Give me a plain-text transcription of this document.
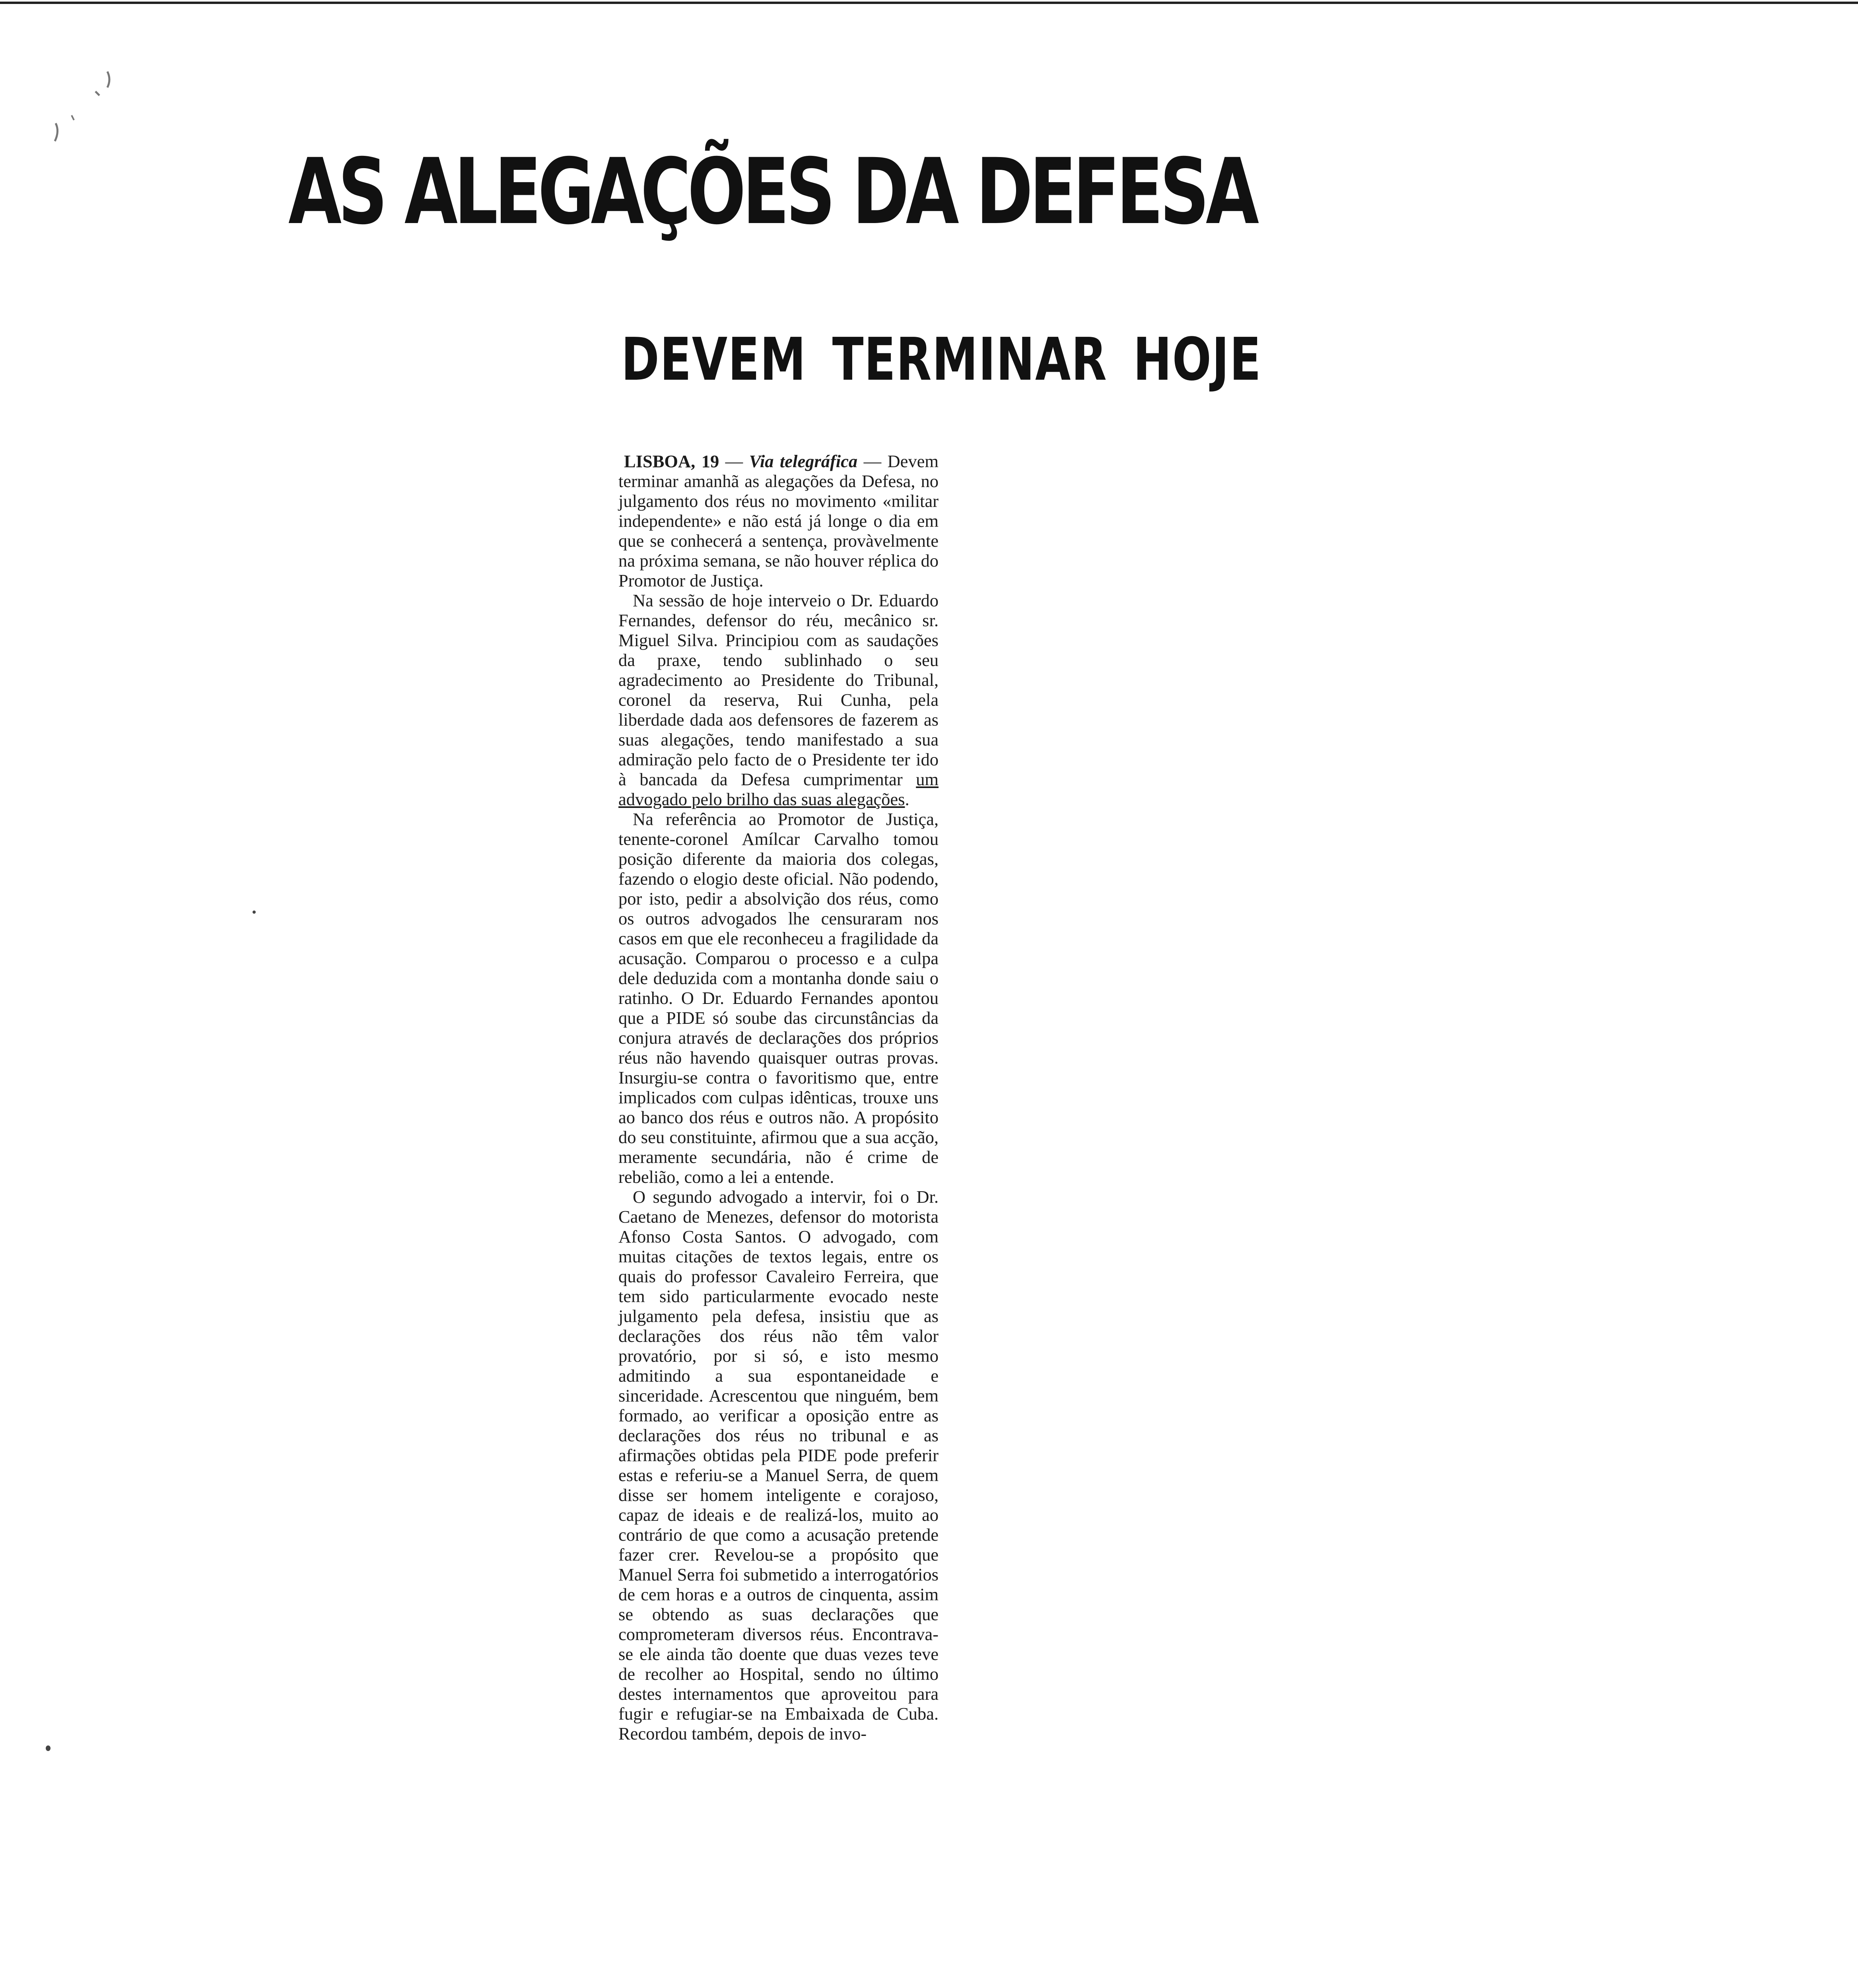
AS ALEGAÇÕES DA DEFESA
DEVEM TERMINAR HOJE

LISBOA, 19 — Via telegráfica — Devem terminar amanhã as alegações da Defesa, no julgamento dos réus no movimento «militar independente» e não está já longe o dia em que se conhecerá a sentença, provàvelmente na próxima semana, se não houver réplica do Promotor de Justiça.

Na sessão de hoje interveio o Dr. Eduardo Fernandes, defensor do réu, mecânico sr. Miguel Silva. Principiou com as saudações da praxe, tendo sublinhado o seu agradecimento ao Presidente do Tribunal, coronel da reserva, Rui Cunha, pela liberdade dada aos defensores de fazerem as suas alegações, tendo manifestado a sua admiração pelo facto de o Presidente ter ido à bancada da Defesa cumprimentar um advogado pelo brilho das suas alegações.

Na referência ao Promotor de Justiça, tenente-coronel Amílcar Carvalho tomou posição diferente da maioria dos colegas, fazendo o elogio deste oficial. Não podendo, por isto, pedir a absolvição dos réus, como os outros advogados lhe censuraram nos casos em que ele reconheceu a fragilidade da acusação. Comparou o processo e a culpa dele deduzida com a montanha donde saiu o ratinho. O Dr. Eduardo Fernandes apontou que a PIDE só soube das circunstâncias da conjura através de declarações dos próprios réus não havendo quaisquer outras provas. Insurgiu-se contra o favoritismo que, entre implicados com culpas idênticas, trouxe uns ao banco dos réus e outros não. A propósito do seu constituinte, afirmou que a sua acção, meramente secundária, não é crime de rebelião, como a lei a entende.

O segundo advogado a intervir, foi o Dr. Caetano de Menezes, defensor do motorista Afonso Costa Santos. O advogado, com muitas citações de textos legais, entre os quais do professor Cavaleiro Ferreira, que tem sido particularmente evocado neste julgamento pela defesa, insistiu que as declarações dos réus não têm valor provatório, por si só, e isto mesmo admitindo a sua espontaneidade e sinceridade. Acrescentou que ninguém, bem formado, ao verificar a oposição entre as declarações dos réus no tribunal e as afirmações obtidas pela PIDE pode preferir estas e referiu-se a Manuel Serra, de quem disse ser homem inteligente e corajoso, capaz de ideais e de realizá-los, muito ao contrário de que como a acusação pretende fazer crer. Revelou-se a propósito que Manuel Serra foi submetido a interrogatórios de cem horas e a outros de cinquenta, assim se obtendo as suas declarações que comprometeram diversos réus. Encontrava-se ele ainda tão doente que duas vezes teve de recolher ao Hospital, sendo no último destes internamentos que aproveitou para fugir e refugiar-se na Embaixada de Cuba. Recordou também, depois de invo-
